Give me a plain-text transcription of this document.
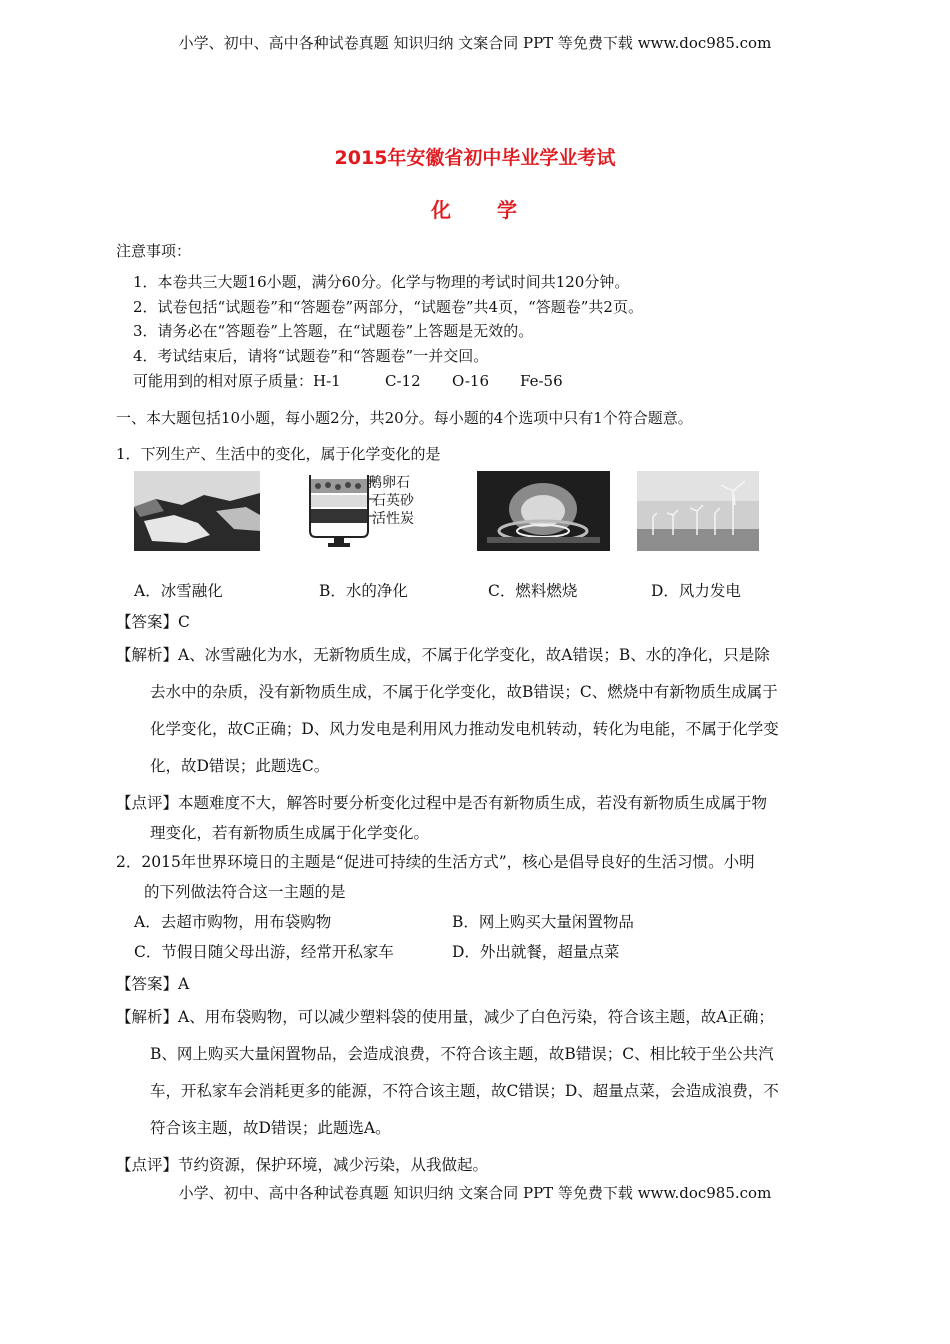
小学、初中、高中各种试卷真题 知识归纳 文案合同 PPT 等免费下载 www.doc985.com
2015年安徽省初中毕业学业考试
化　　学
注意事项：
1．本卷共三大题16小题，满分60分。化学与物理的考试时间共120分钟。
2．试卷包括“试题卷”和“答题卷”两部分，“试题卷”共4页，“答题卷”共2页。
3．请务必在“答题卷”上答题，在“试题卷”上答题是无效的。
4．考试结束后，请将“试题卷”和“答题卷”一并交回。
可能用到的相对原子质量：H-1	C-12 O-16 Fe-56
一、本大题包括10小题，每小题2分，共20分。每小题的4个选项中只有1个符合题意。
1．下列生产、生活中的变化，属于化学变化的是
鹅卵石
石英砂
活性炭
A．冰雪融化	B．水的净化	C．燃料燃烧	D．风力发电
【答案】C
【解析】A、冰雪融化为水，无新物质生成，不属于化学变化，故A错误；B、水的净化，只是除
去水中的杂质，没有新物质生成，不属于化学变化，故B错误；C、燃烧中有新物质生成属于
化学变化，故C正确；D、风力发电是利用风力推动发电机转动，转化为电能，不属于化学变
化，故D错误；此题选C。
【点评】本题难度不大，解答时要分析变化过程中是否有新物质生成，若没有新物质生成属于物
理变化，若有新物质生成属于化学变化。
2．2015年世界环境日的主题是“促进可持续的生活方式”，核心是倡导良好的生活习惯。小明
的下列做法符合这一主题的是
A．去超市购物，用布袋购物	B．网上购买大量闲置物品
C．节假日随父母出游，经常开私家车	D．外出就餐，超量点菜
【答案】A
【解析】A、用布袋购物，可以减少塑料袋的使用量，减少了白色污染，符合该主题，故A正确；
B、网上购买大量闲置物品，会造成浪费，不符合该主题，故B错误；C、相比较于坐公共汽
车，开私家车会消耗更多的能源，不符合该主题，故C错误；D、超量点菜，会造成浪费，不
符合该主题，故D错误；此题选A。
【点评】节约资源，保护环境，减少污染，从我做起。
小学、初中、高中各种试卷真题 知识归纳 文案合同 PPT 等免费下载 www.doc985.com
